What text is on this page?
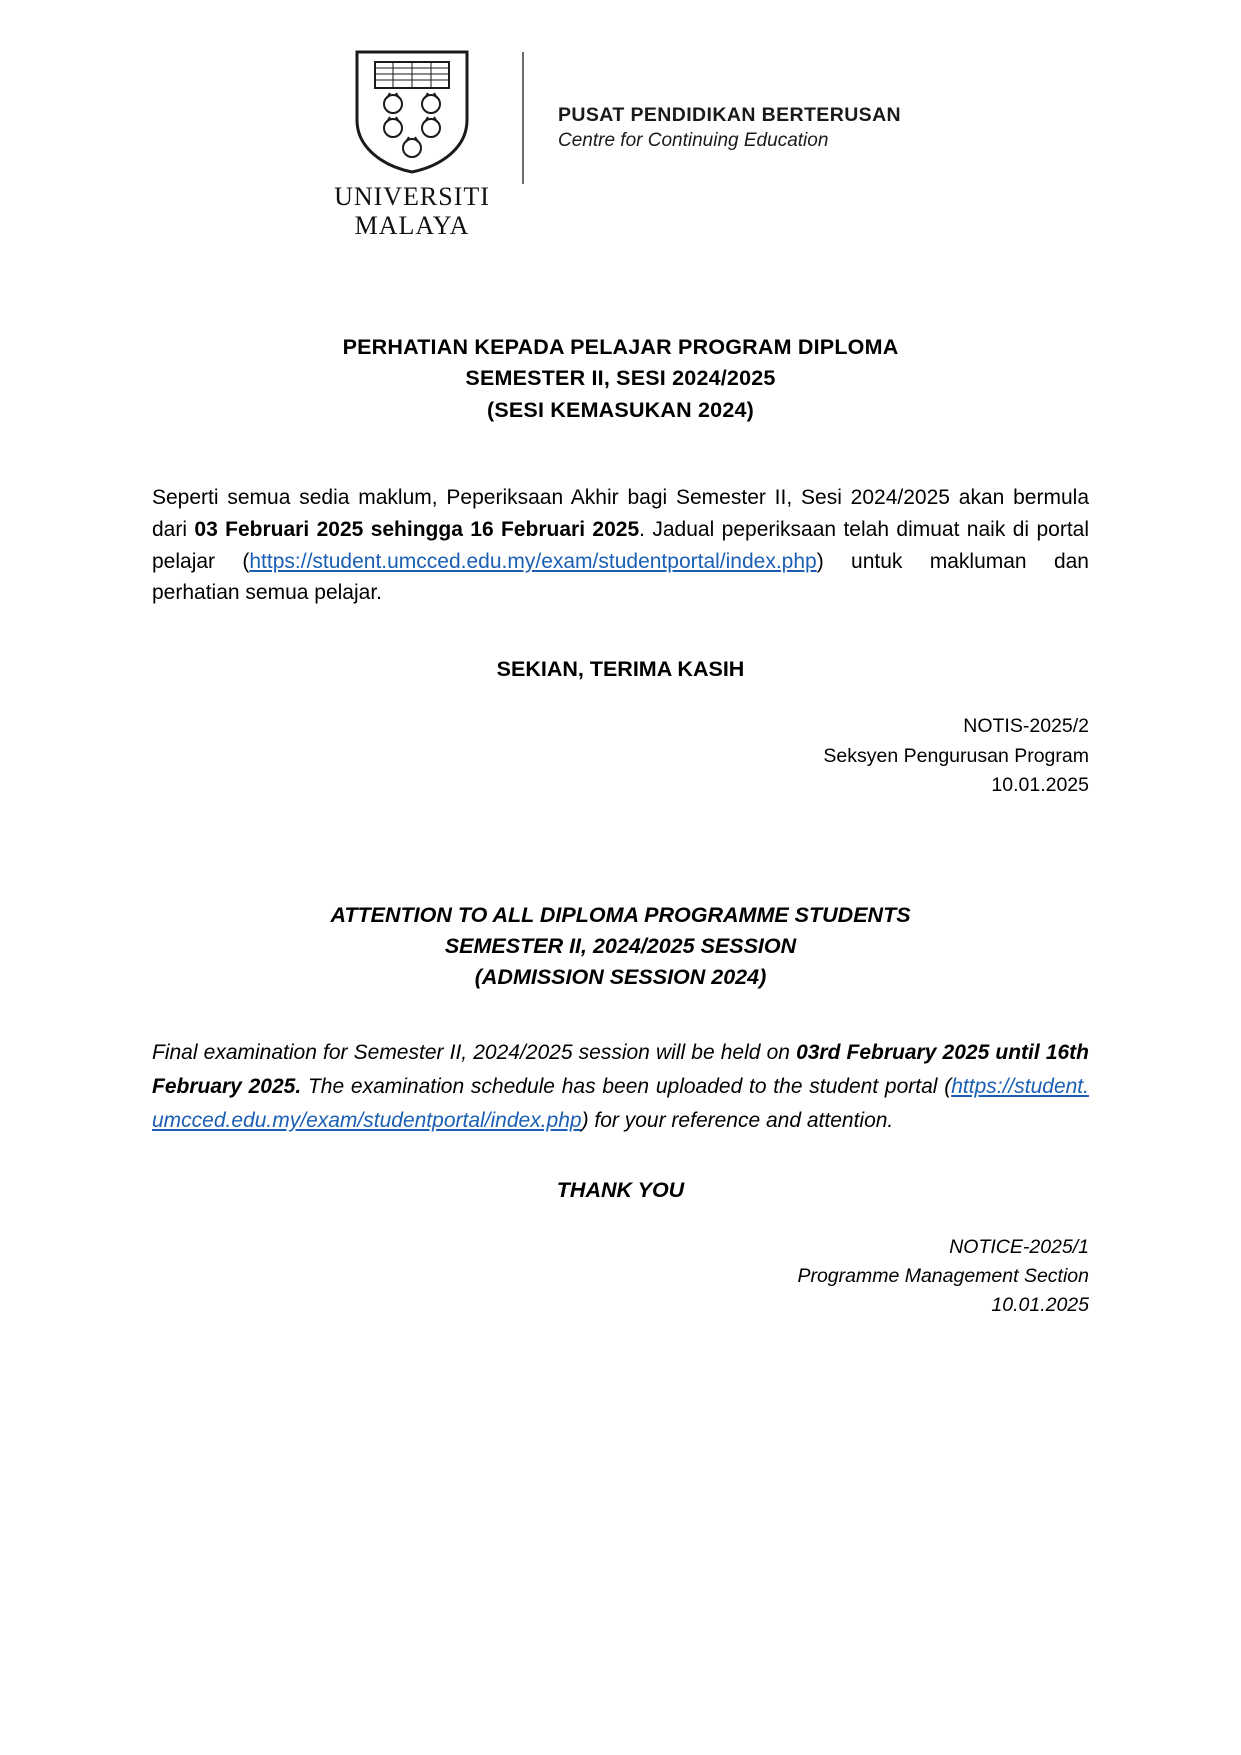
UNIVERSITI
MALAYA
PUSAT PENDIDIKAN BERTERUSAN
Centre for Continuing Education
PERHATIAN KEPADA PELAJAR PROGRAM DIPLOMA
SEMESTER II, SESI 2024/2025
(SESI KEMASUKAN 2024)

Seperti semua sedia maklum, Peperiksaan Akhir bagi Semester II, Sesi 2024/2025 akan bermula dari 03 Februari 2025 sehingga 16 Februari 2025. Jadual peperiksaan telah dimuat naik di portal pelajar (https://student.umcced.edu.my/exam/studentportal/index.php) untuk makluman dan perhatian semua pelajar.

SEKIAN, TERIMA KASIH
NOTIS-2025/2
Seksyen Pengurusan Program
10.01.2025
ATTENTION TO ALL DIPLOMA PROGRAMME STUDENTS
SEMESTER II, 2024/2025 SESSION
(ADMISSION SESSION 2024)

Final examination for Semester II, 2024/2025 session will be held on 03rd February 2025 until 16th February 2025. The examination schedule has been uploaded to the student portal (https://student.umcced.edu.my/exam/studentportal/index.php) for your reference and attention.

THANK YOU
NOTICE-2025/1
Programme Management Section
10.01.2025
